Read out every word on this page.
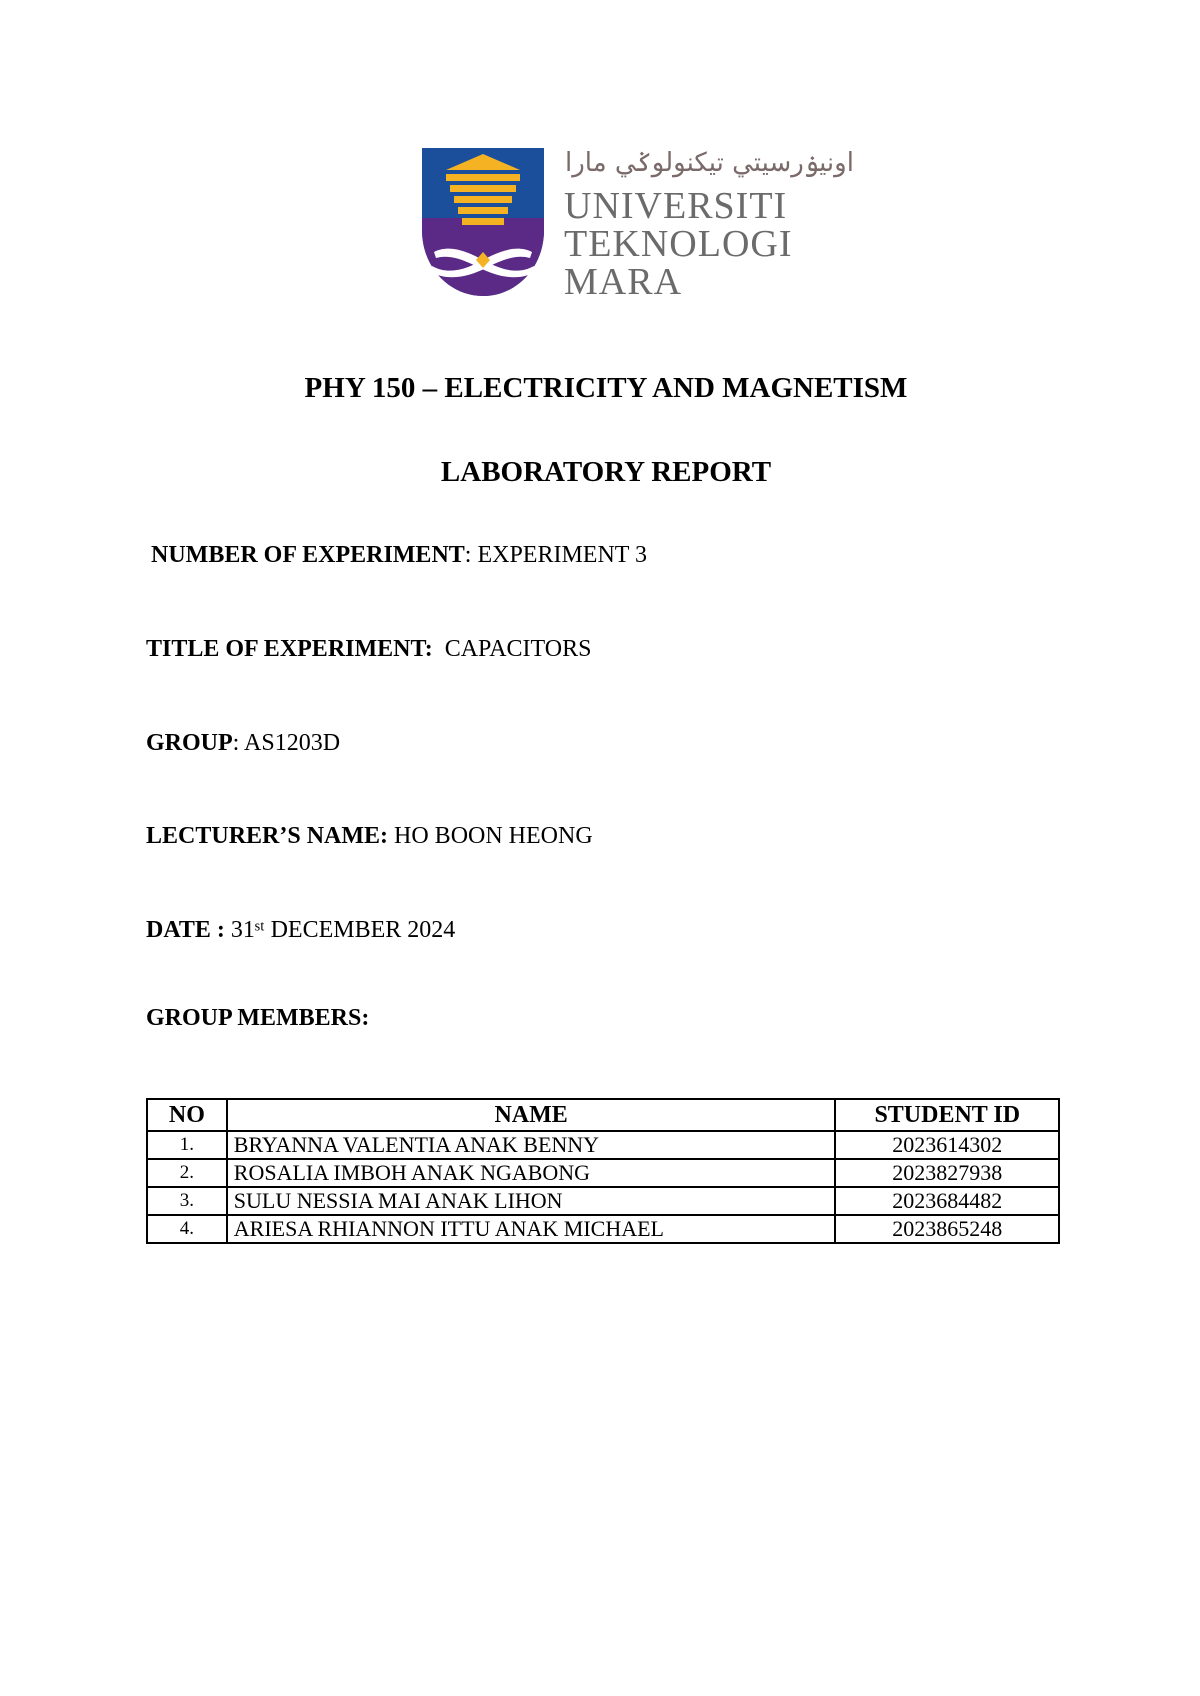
اونيۏرسيتي تيكنولوݢي مارا
UNIVERSITI
TEKNOLOGI
MARA
PHY 150 – ELECTRICITY AND MAGNETISM
LABORATORY REPORT
NUMBER OF EXPERIMENT: EXPERIMENT 3
TITLE OF EXPERIMENT:  CAPACITORS
GROUP: AS1203D
LECTURER’S NAME: HO BOON HEONG
DATE : 31ˢᵗ DECEMBER 2024
GROUP MEMBERS:
NO	NAME	STUDENT ID
1.	BRYANNA VALENTIA ANAK BENNY	2023614302
2.	ROSALIA IMBOH ANAK NGABONG	2023827938
3.	SULU NESSIA MAI ANAK LIHON	2023684482
4.	ARIESA RHIANNON ITTU ANAK MICHAEL	2023865248
